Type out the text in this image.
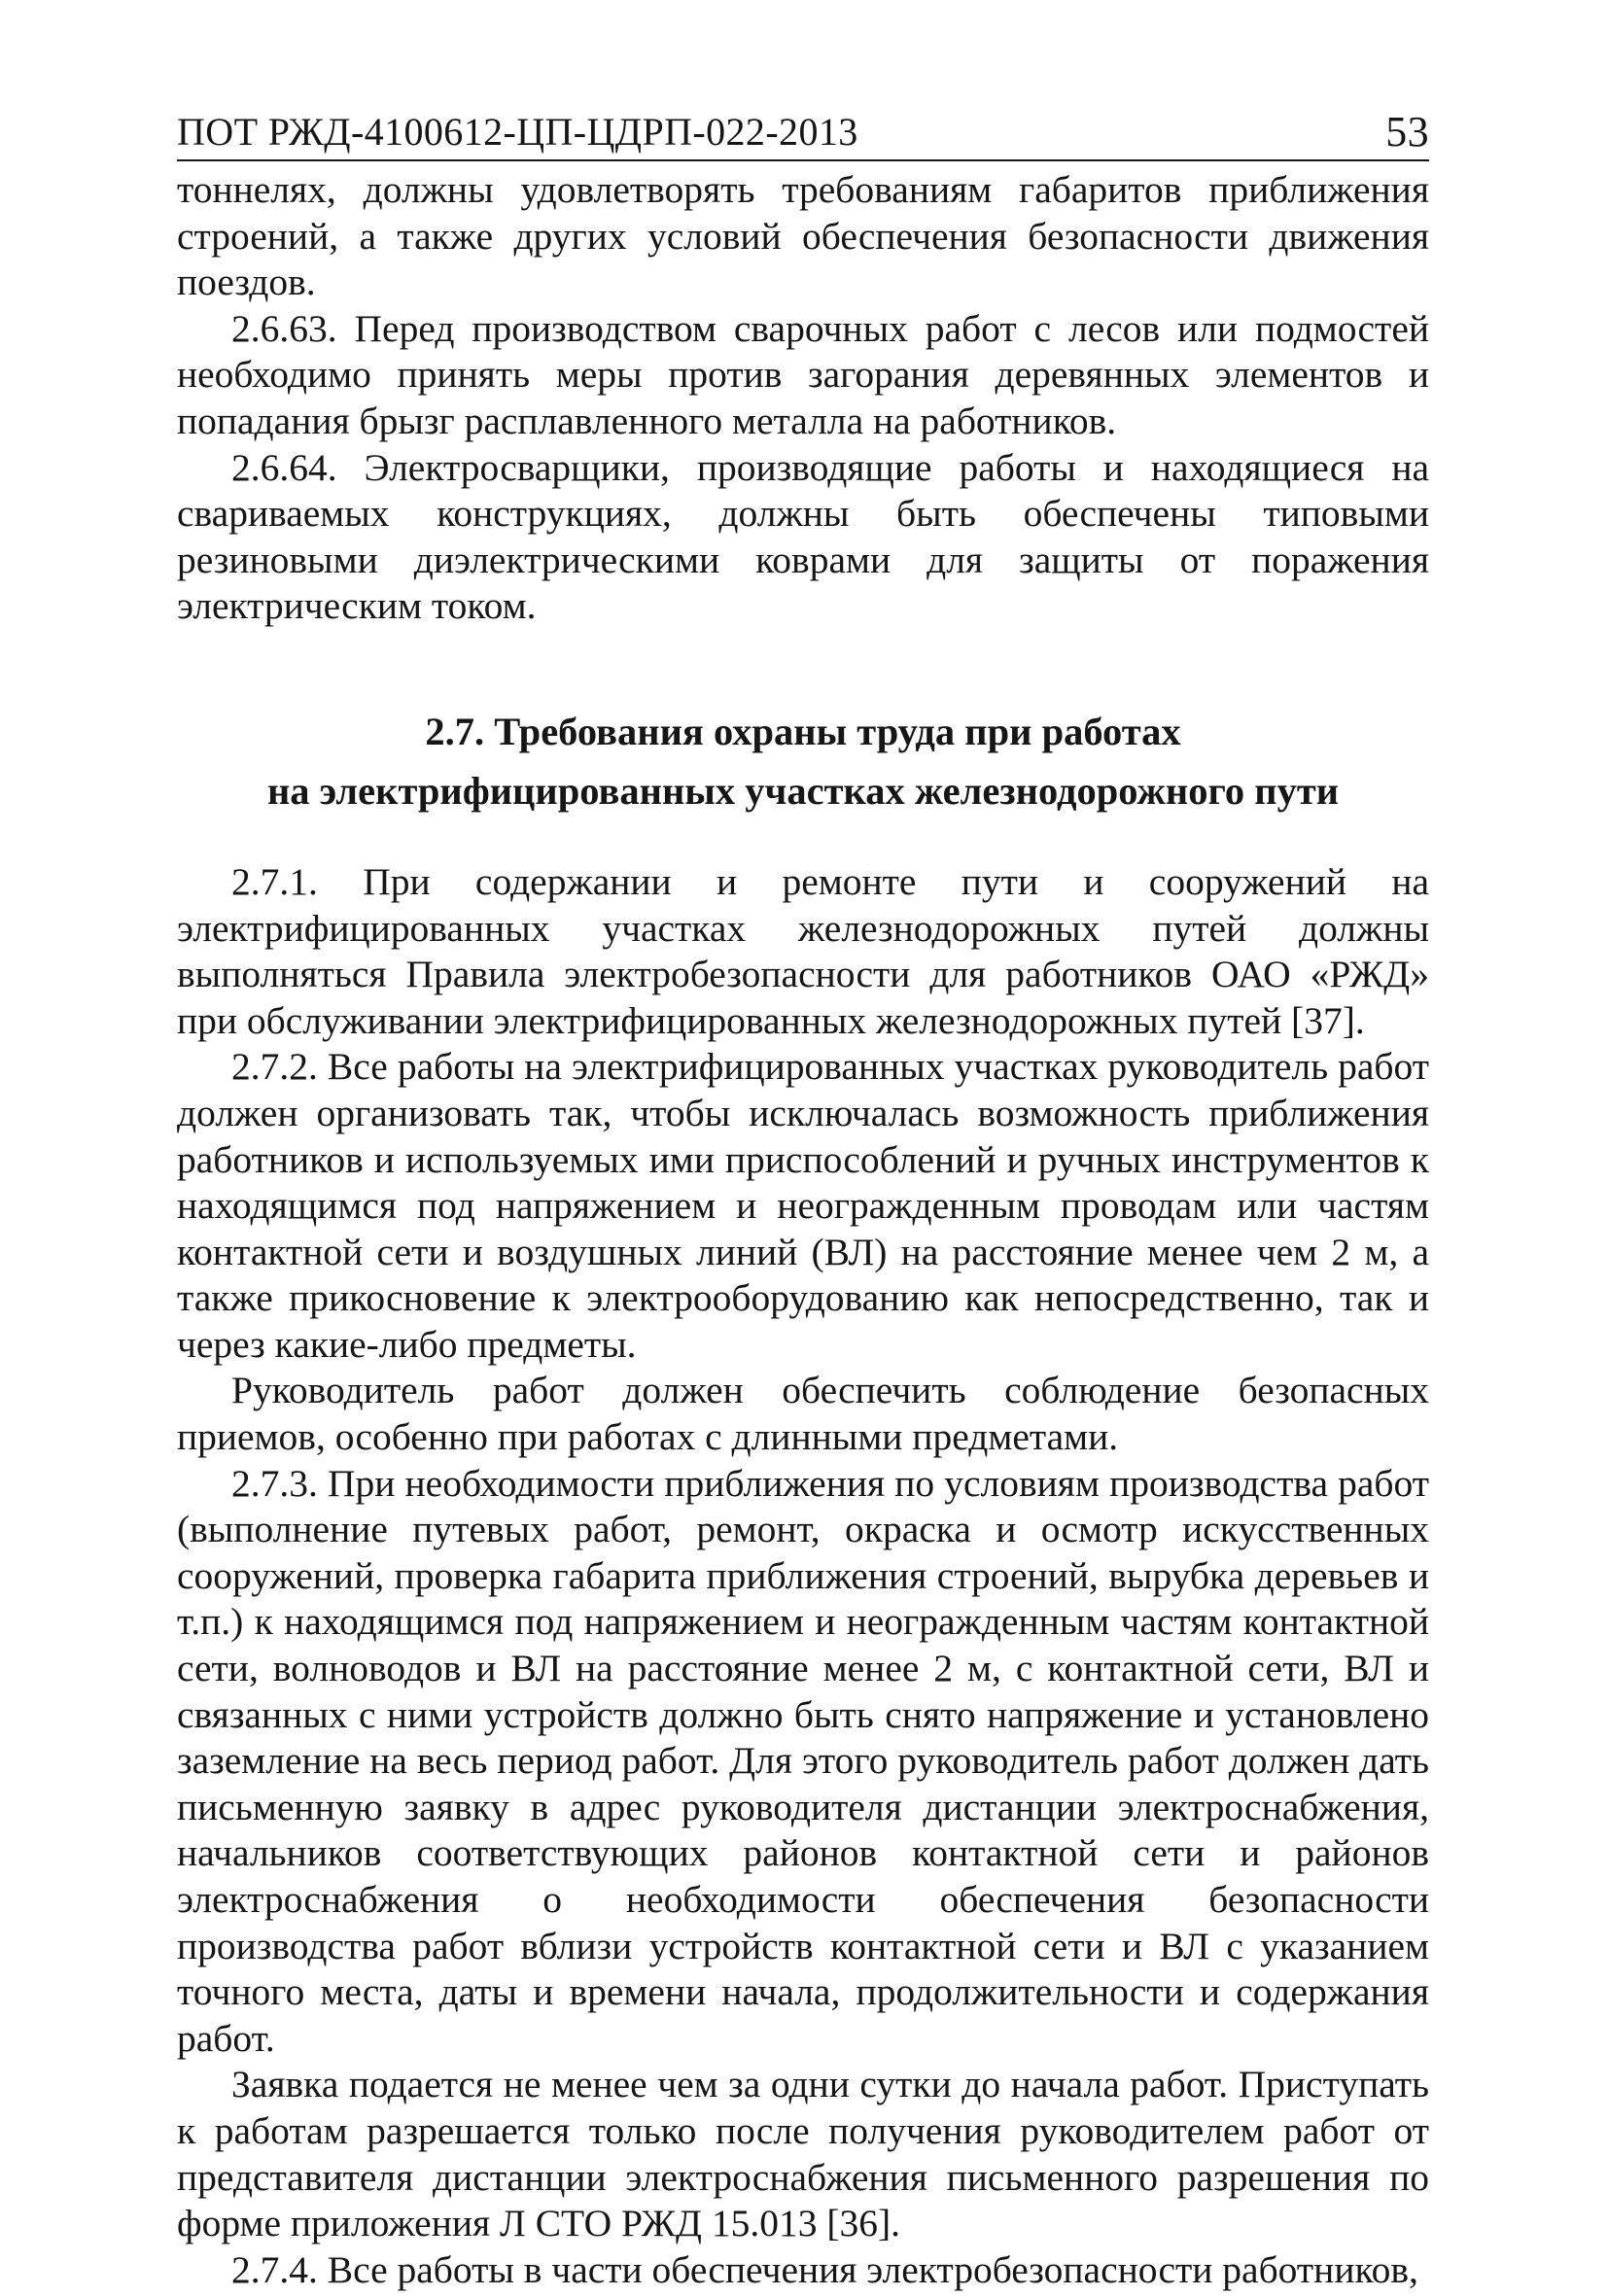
ПОТ РЖД-4100612-ЦП-ЦДРП-022-2013	53

тоннелях, должны удовлетворять требованиям габаритов приближения строений, а также других условий обеспечения безопасности движения поездов.

2.6.63. Перед производством сварочных работ с лесов или подмостей необходимо принять меры против загорания деревянных элементов и попадания брызг расплавленного металла на работников.

2.6.64. Электросварщики, производящие работы и находящиеся на свариваемых конструкциях, должны быть обеспечены типовыми резиновыми диэлектрическими коврами для защиты от поражения электрическим током.

2.7. Требования охраны труда при работах
на электрифицированных участках железнодорожного пути

2.7.1. При содержании и ремонте пути и сооружений на электрифицированных участках железнодорожных путей должны выполняться Правила электробезопасности для работников ОАО «РЖД» при обслуживании электрифицированных железнодорожных путей [37].

2.7.2. Все работы на электрифицированных участках руководитель работ должен организовать так, чтобы исключалась возможность приближения работников и используемых ими приспособлений и ручных инструментов к находящимся под напряжением и неогражденным проводам или частям контактной сети и воздушных линий (ВЛ) на расстояние менее чем 2 м, а также прикосновение к электрооборудованию как непосредственно, так и через какие-либо предметы.

Руководитель работ должен обеспечить соблюдение безопасных приемов, особенно при работах с длинными предметами.

2.7.3. При необходимости приближения по условиям производства работ (выполнение путевых работ, ремонт, окраска и осмотр искусственных сооружений, проверка габарита приближения строений, вырубка деревьев и т.п.) к находящимся под напряжением и неогражденным частям контактной сети, волноводов и ВЛ на расстояние менее 2 м, с контактной сети, ВЛ и связанных с ними устройств должно быть снято напряжение и установлено заземление на весь период работ. Для этого руководитель работ должен дать письменную заявку в адрес руководителя дистанции электроснабжения, начальников соответствующих районов контактной сети и районов электроснабжения о необходимости обеспечения безопасности производства работ вблизи устройств контактной сети и ВЛ с указанием точного места, даты и времени начала, продолжительности и содержания работ.

Заявка подается не менее чем за одни сутки до начала работ. Приступать к работам разрешается только после получения руководителем работ от представителя дистанции электроснабжения письменного разрешения по форме приложения Л СТО РЖД 15.013 [36].

2.7.4. Все работы в части обеспечения электробезопасности работников,
